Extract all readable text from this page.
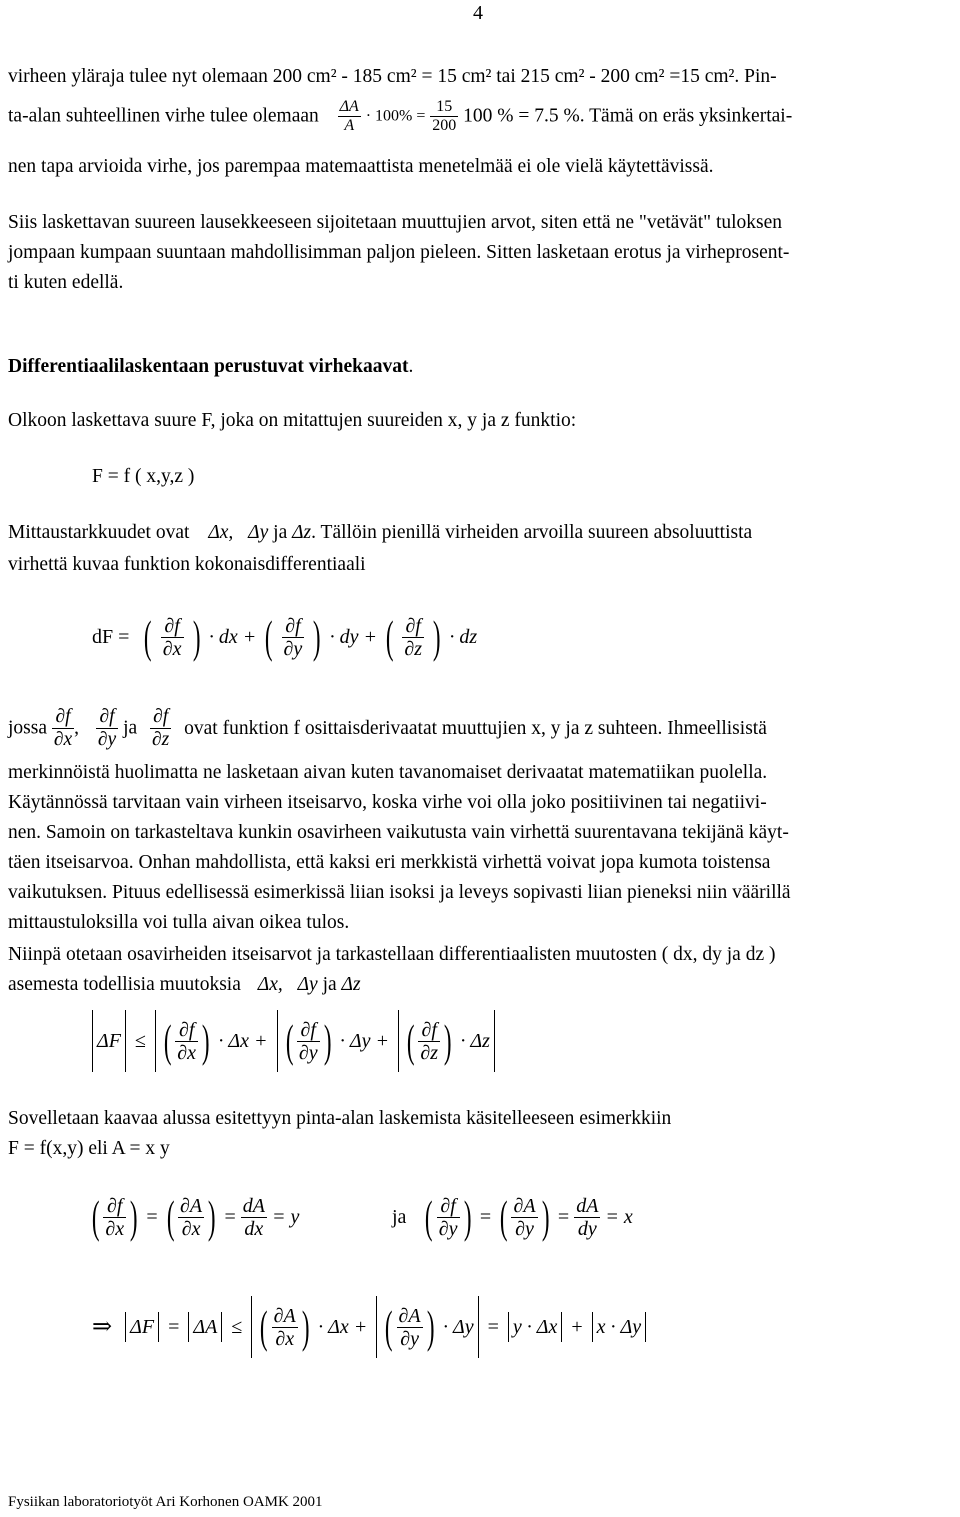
4
virheen yläraja tulee nyt olemaan 200 cm² - 185 cm² = 15 cm² tai 215 cm² - 200 cm² =15 cm². Pin-
ta-alan suhteellinen virhe tulee olemaan $\frac{\Delta A}{A} \cdot 100\% = \frac{15}{200} 100$ % = 7.5 %. Tämä on eräs yksinkertai-
nen tapa arvioida virhe, jos parempaa matemaattista menetelmää ei ole vielä käytettävissä.
Siis laskettavan suureen lausekkeeseen sijoitetaan muuttujien arvot, siten että ne "vetävät" tuloksen
jompaan kumpaan suuntaan mahdollisimman paljon pieleen. Sitten lasketaan erotus ja virheprosent-
ti kuten edellä.
Differentiaalilaskentaan perustuvat virhekaavat.
Olkoon laskettava suure F, joka on mitattujen suureiden x, y ja z funktio:
F = f ( x,y,z )
Mittaustarkkuudet ovat Δx, Δy ja Δz. Tällöin pienillä virheiden arvoilla suureen absoluuttista
virhettä kuvaa funktion kokonaisdifferentiaali
dF = ( $\frac{\partial f}{\partial x}$ ) · dx + ( $\frac{\partial f}{\partial y}$ ) · dy + ( $\frac{\partial f}{\partial z}$ ) · dz
jossa $\frac{\partial f}{\partial x}$ , $\frac{\partial f}{\partial y}$ ja $\frac{\partial f}{\partial z}$ ovat funktion f osittaisderivaatat muuttujien x, y ja z suhteen. Ihmeellisistä
merkinnöistä huolimatta ne lasketaan aivan kuten tavanomaiset derivaatat matematiikan puolella.
Käytännössä tarvitaan vain virheen itseisarvo, koska virhe voi olla joko positiivinen tai negatiivi-
nen. Samoin on tarkasteltava kunkin osavirheen vaikutusta vain virhettä suurentavana tekijänä käyt-
täen itseisarvoa. Onhan mahdollista, että kaksi eri merkkistä virhettä voivat jopa kumota toistensa
vaikutuksen. Pituus edellisessä esimerkissä liian isoksi ja leveys sopivasti liian pieneksi niin väärillä
mittaustuloksilla voi tulla aivan oikea tulos.
Niinpä otetaan osavirheiden itseisarvot ja tarkastellaan differentiaalisten muutosten ( dx, dy ja dz )
asemesta todellisia muutoksia Δx, Δy ja Δz
ΔF ≤ ( $\frac{\partial f}{\partial x}$ ) · Δx + ( $\frac{\partial f}{\partial y}$ ) · Δy + ( $\frac{\partial f}{\partial z}$ ) · Δz
Sovelletaan kaavaa alussa esitettyyn pinta-alan laskemista käsitelleeseen esimerkkiin
F = f(x,y) eli A = x y
( $\frac{\partial f}{\partial x}$ ) = ( $\frac{\partial A}{\partial x}$ ) = $\frac{dA}{dx} = y$	ja ( $\frac{\partial f}{\partial y}$ ) = ( $\frac{\partial A}{\partial y}$ ) = $\frac{dA}{dy} = x$
⇒ ΔF = ΔA ≤ ( $\frac{\partial A}{\partial x}$ ) · Δx + ( $\frac{\partial A}{\partial y}$ ) · Δy = y · Δx + x · Δy
Fysiikan laboratoriotyöt Ari Korhonen OAMK 2001
